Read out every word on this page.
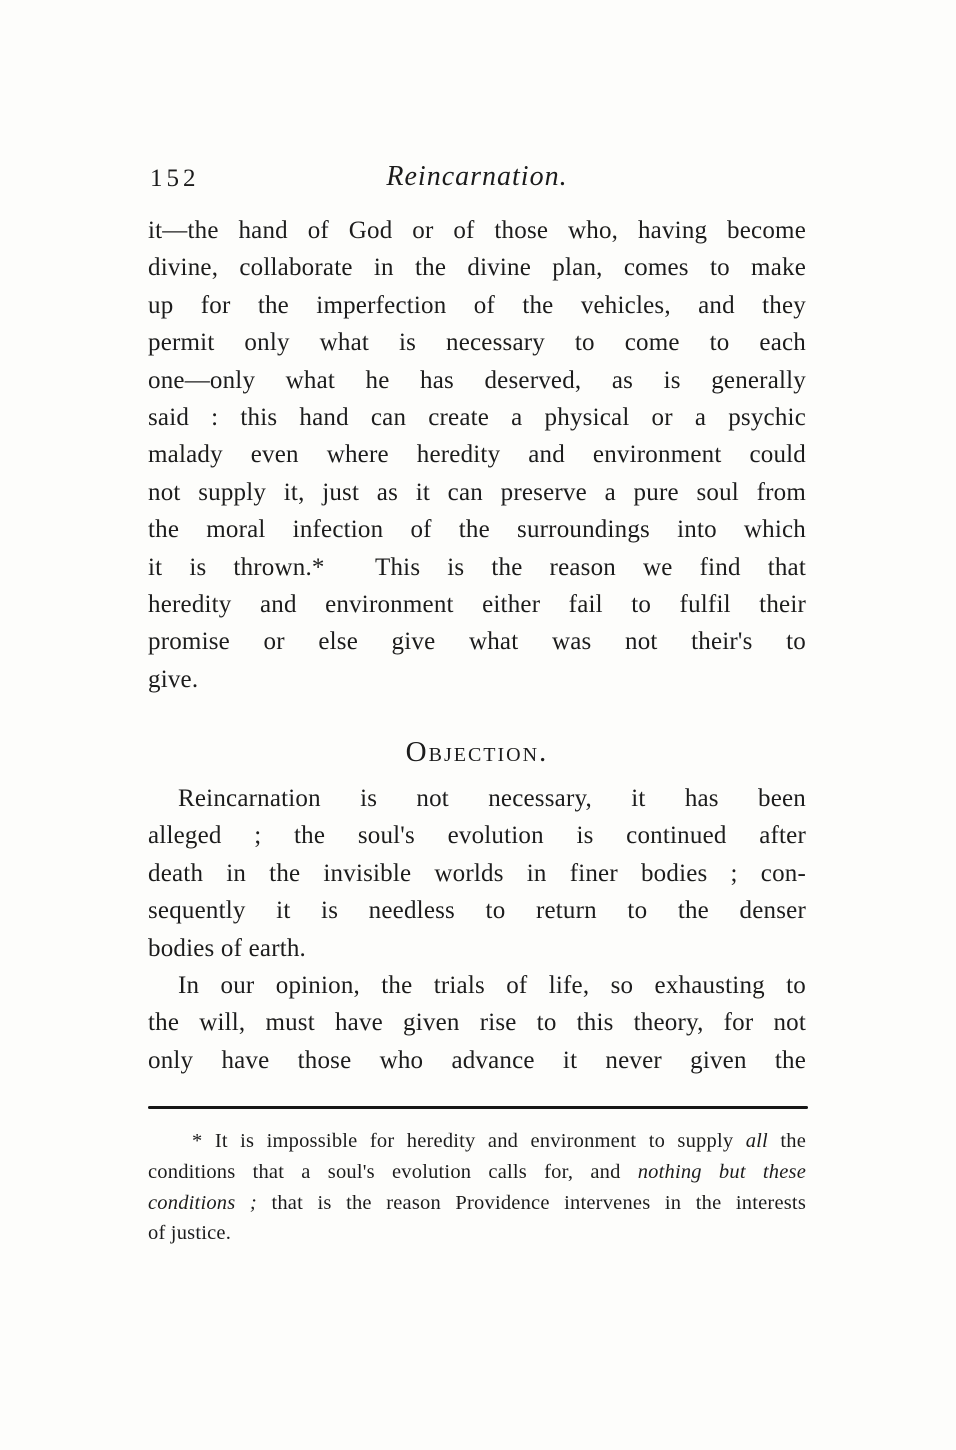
152	Reincarnation.
it—the hand of God or of those who, having become
divine, collaborate in the divine plan, comes to make
up for the imperfection of the vehicles, and they
permit only what is necessary to come to each
one—only what he has deserved, as is generally
said : this hand can create a physical or a psychic
malady even where heredity and environment could
not supply it, just as it can preserve a pure soul from
the moral infection of the surroundings into which
it is thrown.*  This is the reason we find that
heredity and environment either fail to fulfil their
promise or else give what was not their's to
give.
Objection.
Reincarnation is not necessary, it has been
alleged ; the soul's evolution is continued after
death in the invisible worlds in finer bodies ; con-
sequently it is needless to return to the denser
bodies of earth.
In our opinion, the trials of life, so exhausting to
the will, must have given rise to this theory, for not
only have those who advance it never given the
* It is impossible for heredity and environment to supply all the
conditions that a soul's evolution calls for, and nothing but these
conditions ; that is the reason Providence intervenes in the interests
of justice.
